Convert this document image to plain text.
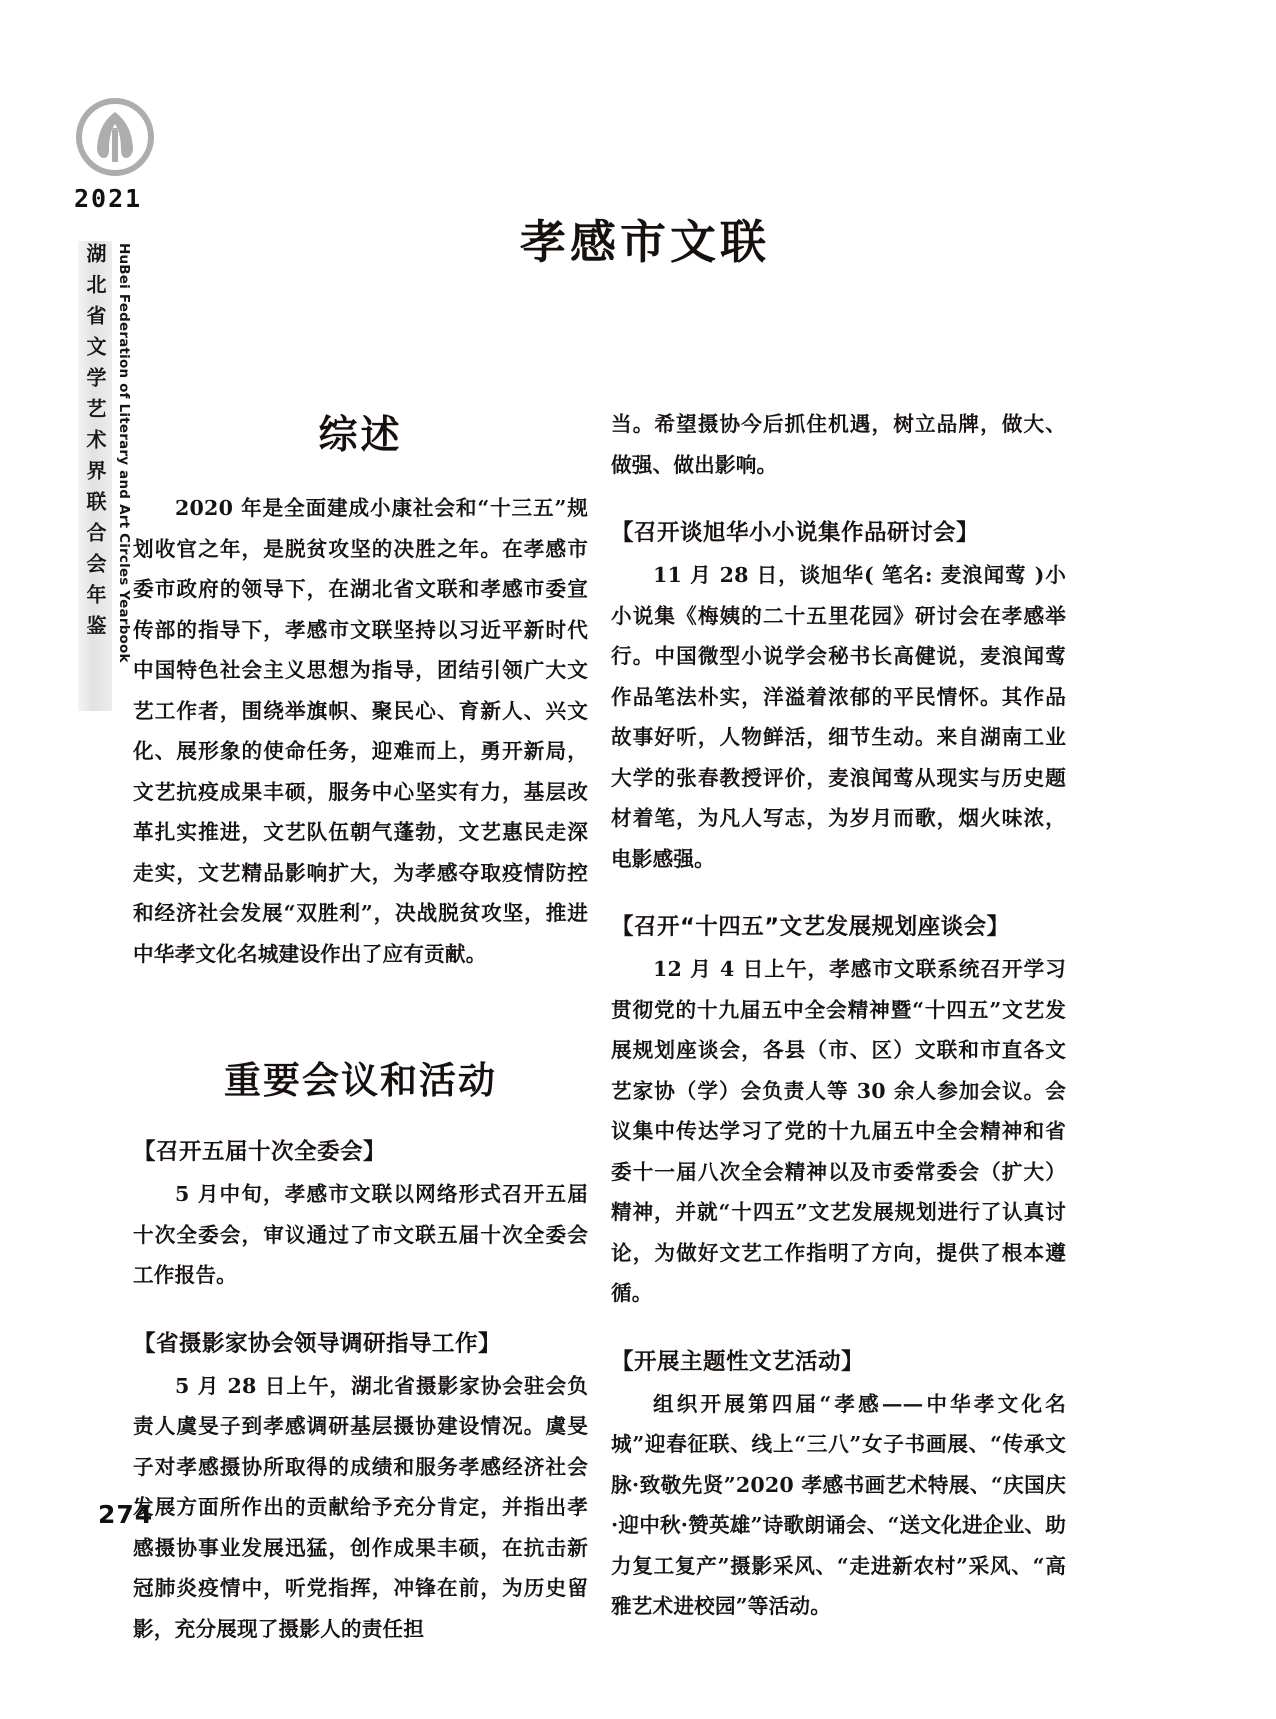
2021
湖北省文学艺术界联合会年鉴 HuBei Federation of Literary and Art Circles Yearbook
孝感市文联
综述

2020 年是全面建成小康社会和“十三五”规划收官之年，是脱贫攻坚的决胜之年。在孝感市委市政府的领导下，在湖北省文联和孝感市委宣传部的指导下，孝感市文联坚持以习近平新时代中国特色社会主义思想为指导，团结引领广大文艺工作者，围绕举旗帜、聚民心、育新人、兴文化、展形象的使命任务，迎难而上，勇开新局，文艺抗疫成果丰硕，服务中心坚实有力，基层改革扎实推进，文艺队伍朝气蓬勃，文艺惠民走深走实，文艺精品影响扩大，为孝感夺取疫情防控和经济社会发展“双胜利”，决战脱贫攻坚，推进中华孝文化名城建设作出了应有贡献。

重要会议和活动
【召开五届十次全委会】

5 月中旬，孝感市文联以网络形式召开五届十次全委会，审议通过了市文联五届十次全委会工作报告。

【省摄影家协会领导调研指导工作】

5 月 28 日上午，湖北省摄影家协会驻会负责人虞旻子到孝感调研基层摄协建设情况。虞旻子对孝感摄协所取得的成绩和服务孝感经济社会发展方面所作出的贡献给予充分肯定，并指出孝感摄协事业发展迅猛，创作成果丰硕，在抗击新冠肺炎疫情中，听党指挥，冲锋在前，为历史留影，充分展现了摄影人的责任担

当。希望摄协今后抓住机遇，树立品牌，做大、做强、做出影响。

【召开谈旭华小小说集作品研讨会】

11 月 28 日，谈旭华( 笔名: 麦浪闻莺 )小小说集《梅姨的二十五里花园》研讨会在孝感举行。中国微型小说学会秘书长高健说，麦浪闻莺作品笔法朴实，洋溢着浓郁的平民情怀。其作品故事好听，人物鲜活，细节生动。来自湖南工业大学的张春教授评价，麦浪闻莺从现实与历史题材着笔，为凡人写志，为岁月而歌，烟火味浓，电影感强。

【召开“十四五”文艺发展规划座谈会】

12 月 4 日上午，孝感市文联系统召开学习贯彻党的十九届五中全会精神暨“十四五”文艺发展规划座谈会，各县（市、区）文联和市直各文艺家协（学）会负责人等 30 余人参加会议。会议集中传达学习了党的十九届五中全会精神和省委十一届八次全会精神以及市委常委会（扩大）精神，并就“十四五”文艺发展规划进行了认真讨论，为做好文艺工作指明了方向，提供了根本遵循。

【开展主题性文艺活动】

组织开展第四届“孝感——中华孝文化名城”迎春征联、线上“三八”女子书画展、“传承文脉·致敬先贤”2020 孝感书画艺术特展、“庆国庆·迎中秋·赞英雄”诗歌朗诵会、“送文化进企业、助力复工复产”摄影采风、“走进新农村”采风、“高雅艺术进校园”等活动。

274
